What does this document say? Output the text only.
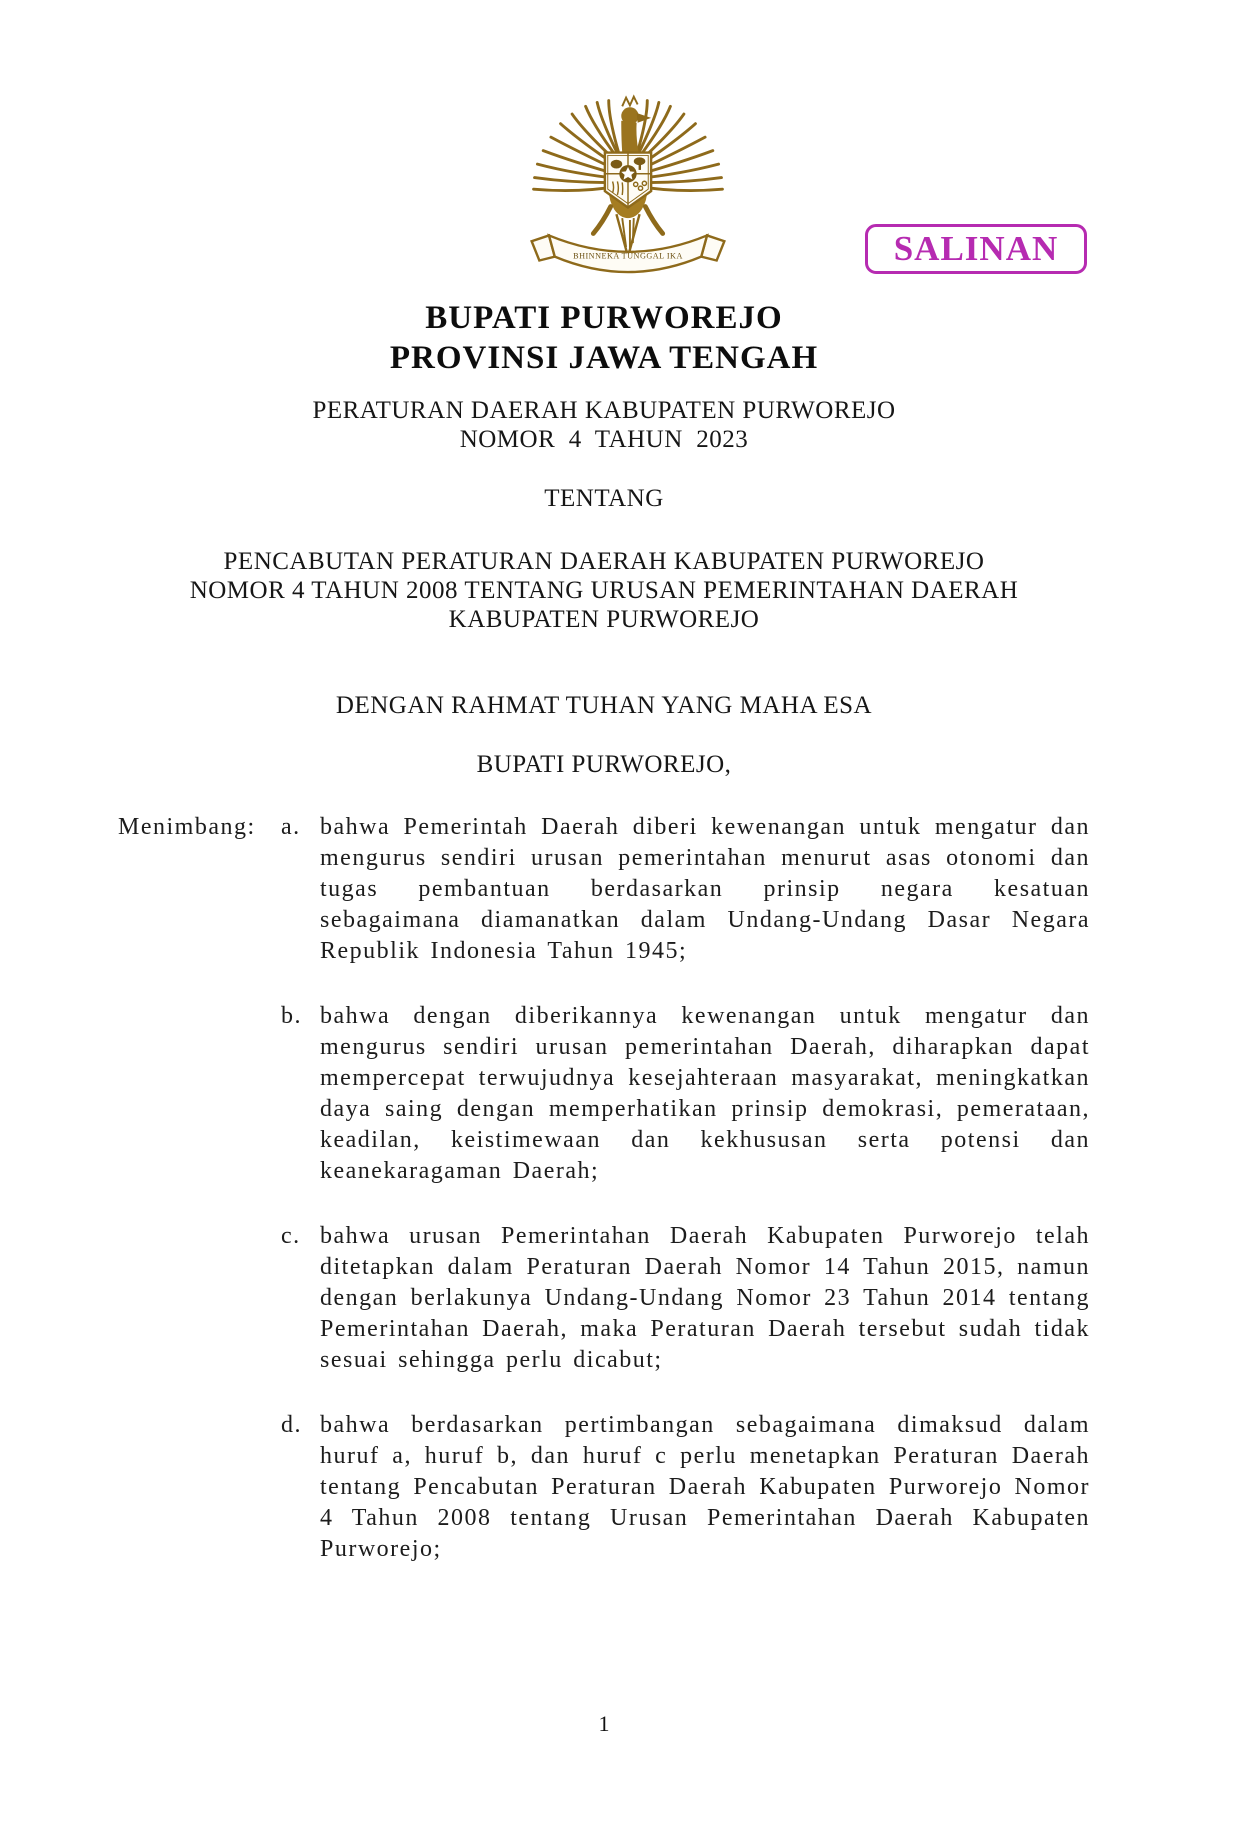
BHINNEKA TUNGGAL IKA	SALINAN
BUPATI PURWOREJO
PROVINSI JAWA TENGAH
PERATURAN DAERAH KABUPATEN PURWOREJO
NOMOR  4  TAHUN  2023
TENTANG
PENCABUTAN PERATURAN DAERAH KABUPATEN PURWOREJO
NOMOR 4 TAHUN 2008 TENTANG URUSAN PEMERINTAHAN DAERAH
KABUPATEN PURWOREJO
DENGAN RAHMAT TUHAN YANG MAHA ESA
BUPATI PURWOREJO,
Menimbang: a. bahwa Pemerintah Daerah diberi kewenangan untuk mengatur dan mengurus sendiri urusan pemerintahan menurut asas otonomi dan tugas pembantuan berdasarkan prinsip negara kesatuan sebagaimana diamanatkan dalam Undang-Undang Dasar Negara Republik Indonesia Tahun 1945;
b. bahwa dengan diberikannya kewenangan untuk mengatur dan mengurus sendiri urusan pemerintahan Daerah, diharapkan dapat mempercepat terwujudnya kesejahteraan masyarakat, meningkatkan daya saing dengan memperhatikan prinsip demokrasi, pemerataan, keadilan, keistimewaan dan kekhususan serta potensi dan keanekaragaman Daerah;
c. bahwa urusan Pemerintahan Daerah Kabupaten Purworejo telah ditetapkan dalam Peraturan Daerah Nomor 14 Tahun 2015, namun dengan berlakunya Undang-Undang Nomor 23 Tahun 2014 tentang Pemerintahan Daerah, maka Peraturan Daerah tersebut sudah tidak sesuai sehingga perlu dicabut;
d. bahwa berdasarkan pertimbangan sebagaimana dimaksud dalam huruf a, huruf b, dan huruf c perlu menetapkan Peraturan Daerah tentang Pencabutan Peraturan Daerah Kabupaten Purworejo Nomor 4 Tahun 2008 tentang Urusan Pemerintahan Daerah Kabupaten Purworejo;
1
